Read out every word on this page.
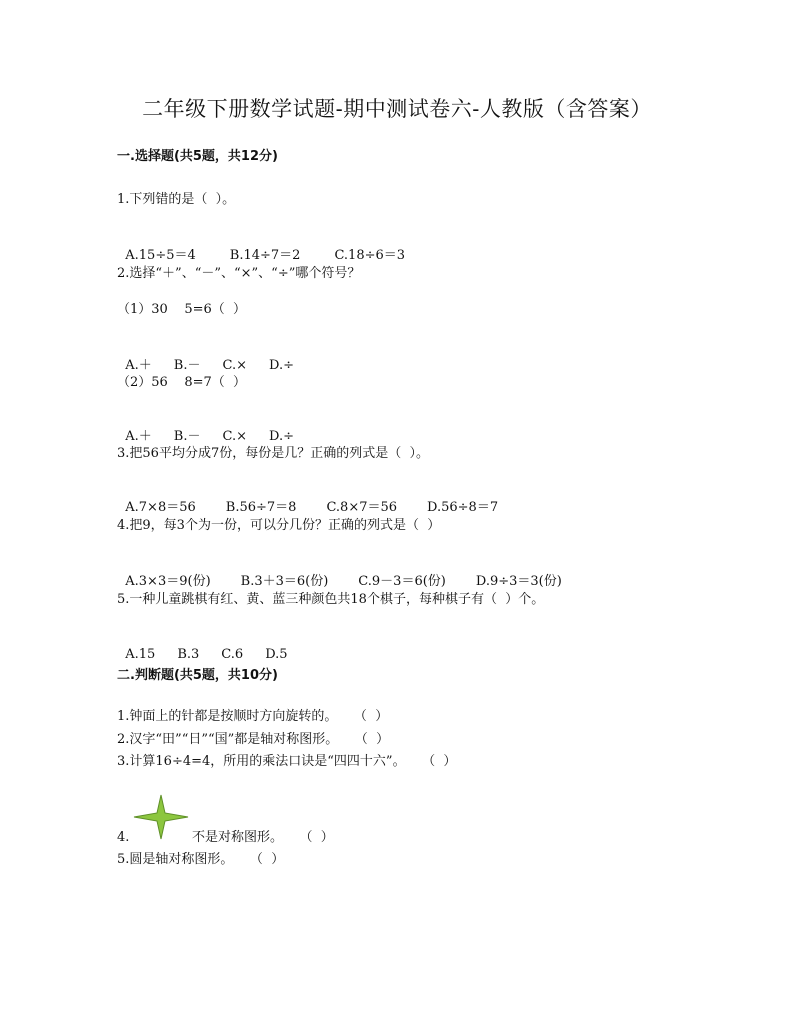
二年级下册数学试题-期中测试卷六-人教版（含答案）
一.选择题(共5题，共12分)
1.下列错的是（  ）。

A.15÷5＝4	B.14÷7＝2	C.18÷6＝3

2.选择“＋”、“－”、“×”、“÷”哪个符号？
（1）30    5=6（  ）

A.＋ B.－ C.× D.÷

（2）56    8=7（  ）

A.＋ B.－ C.× D.÷

3.把56平均分成7份，每份是几？正确的列式是（  ）。

A.7×8＝56 B.56÷7＝8 C.8×7＝56 D.56÷8＝7

4.把9，每3个为一份，可以分几份？正确的列式是（  ）

A.3×3＝9(份) B.3＋3＝6(份) C.9－3＝6(份) D.9÷3＝3(份)

5.一种儿童跳棋有红、黄、蓝三种颜色共18个棋子，每种棋子有（  ）个。

A.15 B.3 C.6 D.5

二.判断题(共5题，共10分)
1.钟面上的针都是按顺时方向旋转的。    （  ）
2.汉字“田”“日”“国”都是轴对称图形。    （  ）
3.计算16÷4=4，所用的乘法口诀是“四四十六”。    （  ）
4.	不是对称图形。    （  ）
5.圆是轴对称图形。    （  ）
